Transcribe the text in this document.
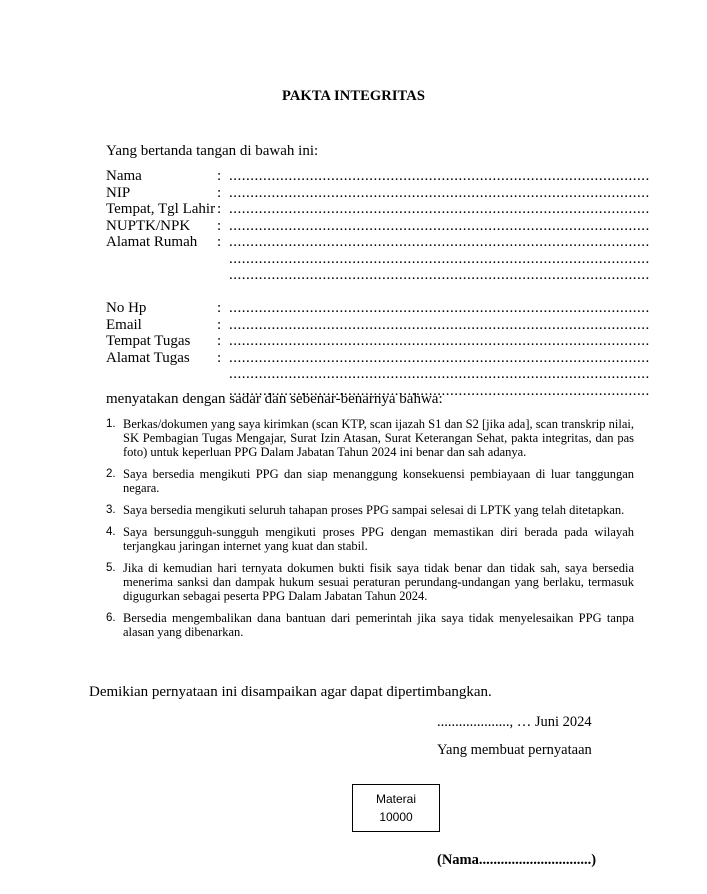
PAKTA INTEGRITAS
Yang bertanda tangan di bawah ini:
Nama	: ...................................................................................................
NIP	: ...................................................................................................
Tempat, Tgl Lahir : ...................................................................................................
NUPTK/NPK	: ...................................................................................................
Alamat Rumah	: ...................................................................................................
...................................................................................................
...................................................................................................
No Hp	: ...................................................................................................
Email	: ...................................................................................................
Tempat Tugas	: ...................................................................................................
Alamat Tugas	: ...................................................................................................
...................................................................................................
...................................................................................................
menyatakan dengan sadar dan sebenar-benarnya bahwa:
1. Berkas/dokumen yang saya kirimkan (scan KTP, scan ijazah S1 dan S2 [jika ada], scan transkrip nilai, SK Pembagian Tugas Mengajar, Surat Izin Atasan, Surat Keterangan Sehat, pakta integritas, dan pas foto) untuk keperluan PPG Dalam Jabatan Tahun 2024 ini benar dan sah adanya.
2. Saya bersedia mengikuti PPG dan siap menanggung konsekuensi pembiayaan di luar tanggungan negara.
3. Saya bersedia mengikuti seluruh tahapan proses PPG sampai selesai di LPTK yang telah ditetapkan.
4. Saya bersungguh-sungguh mengikuti proses PPG dengan memastikan diri berada pada wilayah terjangkau jaringan internet yang kuat dan stabil.
5. Jika di kemudian hari ternyata dokumen bukti fisik saya tidak benar dan tidak sah, saya bersedia menerima sanksi dan dampak hukum sesuai peraturan perundang-undangan yang berlaku, termasuk digugurkan sebagai peserta PPG Dalam Jabatan Tahun 2024.
6. Bersedia mengembalikan dana bantuan dari pemerintah jika saya tidak menyelesaikan PPG tanpa alasan yang dibenarkan.
Demikian pernyataan ini disampaikan agar dapat dipertimbangkan.
...................., … Juni 2024
Yang membuat pernyataan
Materai
10000
(Nama...............................)
